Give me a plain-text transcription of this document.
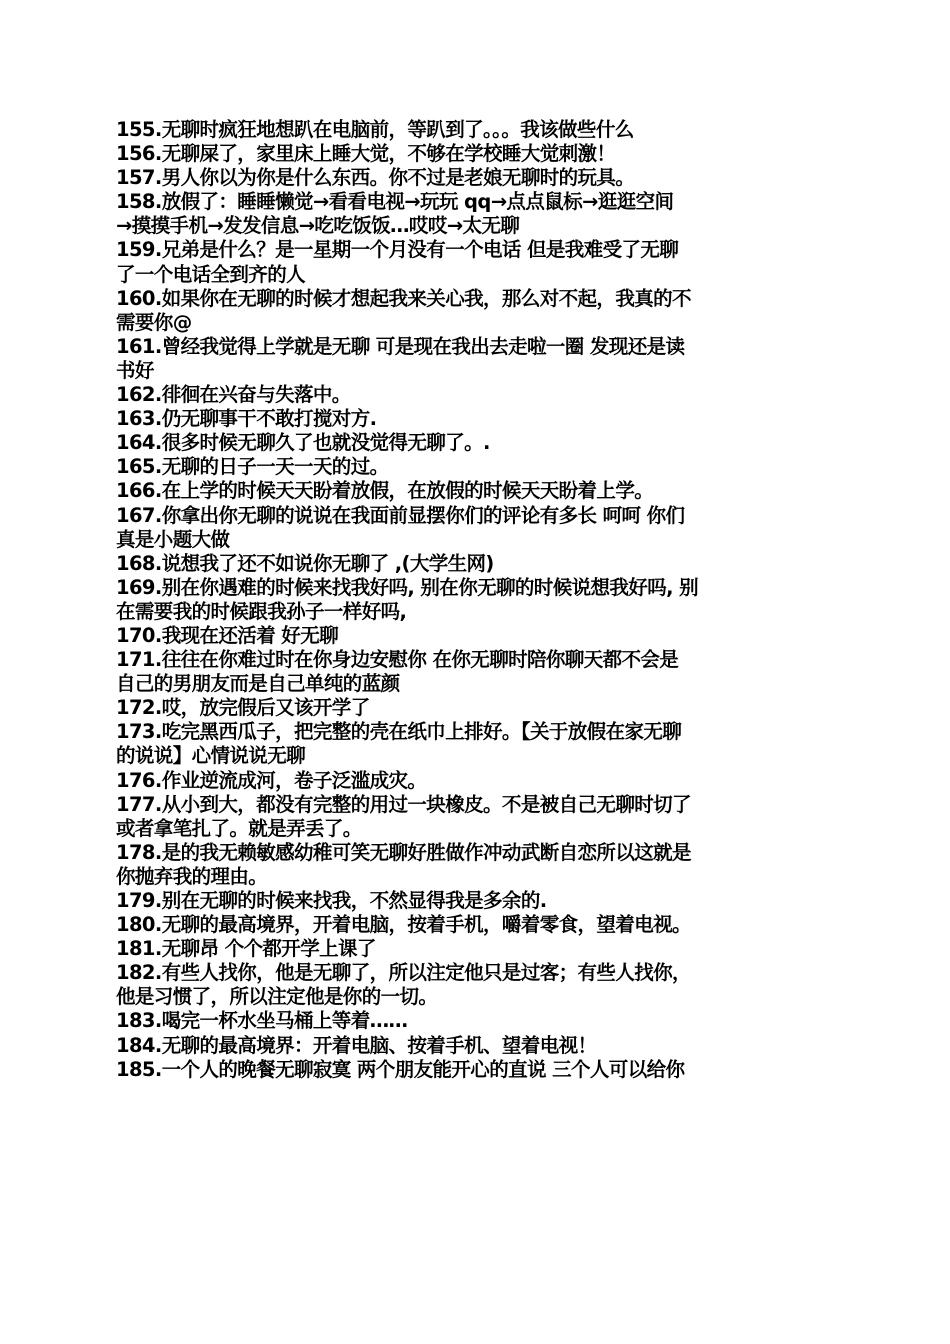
155.无聊时疯狂地想趴在电脑前，等趴到了。。。我该做些什么
156.无聊屎了，家里床上睡大觉，不够在学校睡大觉刺激！
157.男人你以为你是什么东西。你不过是老娘无聊时的玩具。
158.放假了：睡睡懒觉→看看电视→玩玩 qq→点点鼠标→逛逛空间
→摸摸手机→发发信息→吃吃饭饭…哎哎→太无聊
159.兄弟是什么？是一星期一个月没有一个电话 但是我难受了无聊
了一个电话全到齐的人
160.如果你在无聊的时候才想起我来关心我，那么对不起，我真的不
需要你@
161.曾经我觉得上学就是无聊 可是现在我出去走啦一圈 发现还是读
书好
162.徘徊在兴奋与失落中。
163.仍无聊事干不敢打搅对方.
164.很多时候无聊久了也就没觉得无聊了。.
165.无聊的日子一天一天的过。
166.在上学的时候天天盼着放假，在放假的时候天天盼着上学。
167.你拿出你无聊的说说在我面前显摆你们的评论有多长 呵呵 你们
真是小题大做
168.说想我了还不如说你无聊了 ,(大学生网)
169.别在你遇难的时候来找我好吗, 别在你无聊的时候说想我好吗, 别
在需要我的时候跟我孙子一样好吗,
170.我现在还活着 好无聊
171.往往在你难过时在你身边安慰你 在你无聊时陪你聊天都不会是
自己的男朋友而是自己单纯的蓝颜
172.哎，放完假后又该开学了
173.吃完黑西瓜子，把完整的壳在纸巾上排好。【关于放假在家无聊
的说说】心情说说无聊
176.作业逆流成河，卷子泛滥成灾。
177.从小到大，都没有完整的用过一块橡皮。不是被自己无聊时切了
或者拿笔扎了。就是弄丢了。
178.是的我无赖敏感幼稚可笑无聊好胜做作冲动武断自恋所以这就是
你抛弃我的理由。
179.别在无聊的时候来找我，不然显得我是多余的.
180.无聊的最高境界，开着电脑，按着手机，嚼着零食，望着电视。
181.无聊昂 个个都开学上课了
182.有些人找你，他是无聊了，所以注定他只是过客；有些人找你，
他是习惯了，所以注定他是你的一切。
183.喝完一杯水坐马桶上等着……
184.无聊的最高境界：开着电脑、按着手机、望着电视！
185.一个人的晚餐无聊寂寞 两个朋友能开心的直说 三个人可以给你
